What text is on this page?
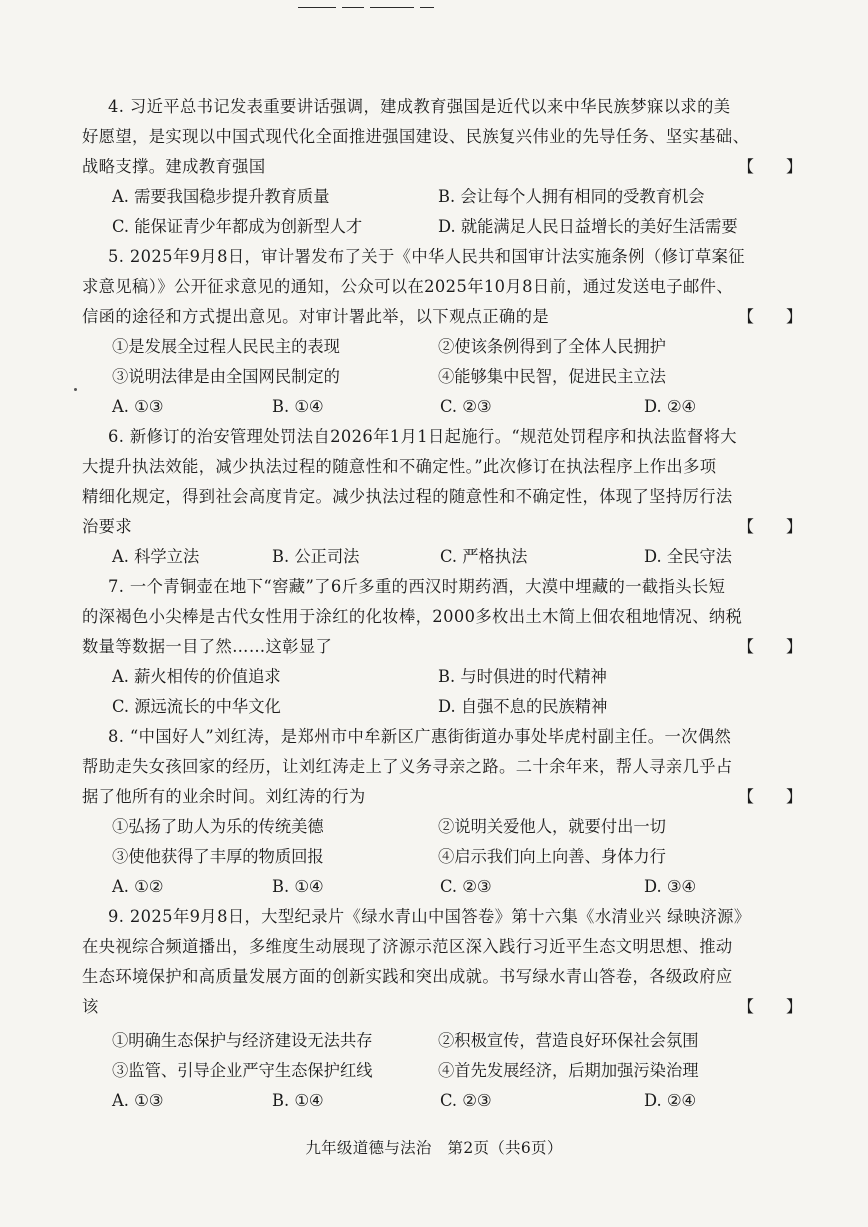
4. 习近平总书记发表重要讲话强调，建成教育强国是近代以来中华民族梦寐以求的美
好愿望，是实现以中国式现代化全面推进强国建设、民族复兴伟业的先导任务、坚实基础、
战略支撑。建成教育强国	【　　】
A. 需要我国稳步提升教育质量	B. 会让每个人拥有相同的受教育机会
C. 能保证青少年都成为创新型人才	D. 就能满足人民日益增长的美好生活需要
5. 2025年9月8日，审计署发布了关于《中华人民共和国审计法实施条例（修订草案征
求意见稿）》公开征求意见的通知，公众可以在2025年10月8日前，通过发送电子邮件、
信函的途径和方式提出意见。对审计署此举，以下观点正确的是	【　　】
①是发展全过程人民民主的表现	②使该条例得到了全体人民拥护
③说明法律是由全国网民制定的	④能够集中民智，促进民主立法
A. ①③	B. ①④	C. ②③	D. ②④
6. 新修订的治安管理处罚法自2026年1月1日起施行。“规范处罚程序和执法监督将大
大提升执法效能，减少执法过程的随意性和不确定性。”此次修订在执法程序上作出多项
精细化规定，得到社会高度肯定。减少执法过程的随意性和不确定性，体现了坚持厉行法
治要求	【　　】
A. 科学立法	B. 公正司法	C. 严格执法	D. 全民守法
7. 一个青铜壶在地下“窖藏”了6斤多重的西汉时期药酒，大漠中埋藏的一截指头长短
的深褐色小尖棒是古代女性用于涂红的化妆棒，2000多枚出土木简上佃农租地情况、纳税
数量等数据一目了然……这彰显了	【　　】
A. 薪火相传的价值追求	B. 与时俱进的时代精神
C. 源远流长的中华文化	D. 自强不息的民族精神
8. “中国好人”刘红涛，是郑州市中牟新区广惠街街道办事处毕虎村副主任。一次偶然
帮助走失女孩回家的经历，让刘红涛走上了义务寻亲之路。二十余年来，帮人寻亲几乎占
据了他所有的业余时间。刘红涛的行为	【　　】
①弘扬了助人为乐的传统美德	②说明关爱他人，就要付出一切
③使他获得了丰厚的物质回报	④启示我们向上向善、身体力行
A. ①②	B. ①④	C. ②③	D. ③④
9. 2025年9月8日，大型纪录片《绿水青山中国答卷》第十六集《水清业兴 绿映济源》
在央视综合频道播出，多维度生动展现了济源示范区深入践行习近平生态文明思想、推动
生态环境保护和高质量发展方面的创新实践和突出成就。书写绿水青山答卷，各级政府应
该	【　　】
①明确生态保护与经济建设无法共存	②积极宣传，营造良好环保社会氛围
③监管、引导企业严守生态保护红线	④首先发展经济，后期加强污染治理
A. ①③	B. ①④	C. ②③	D. ②④
九年级道德与法治　第2页（共6页）
